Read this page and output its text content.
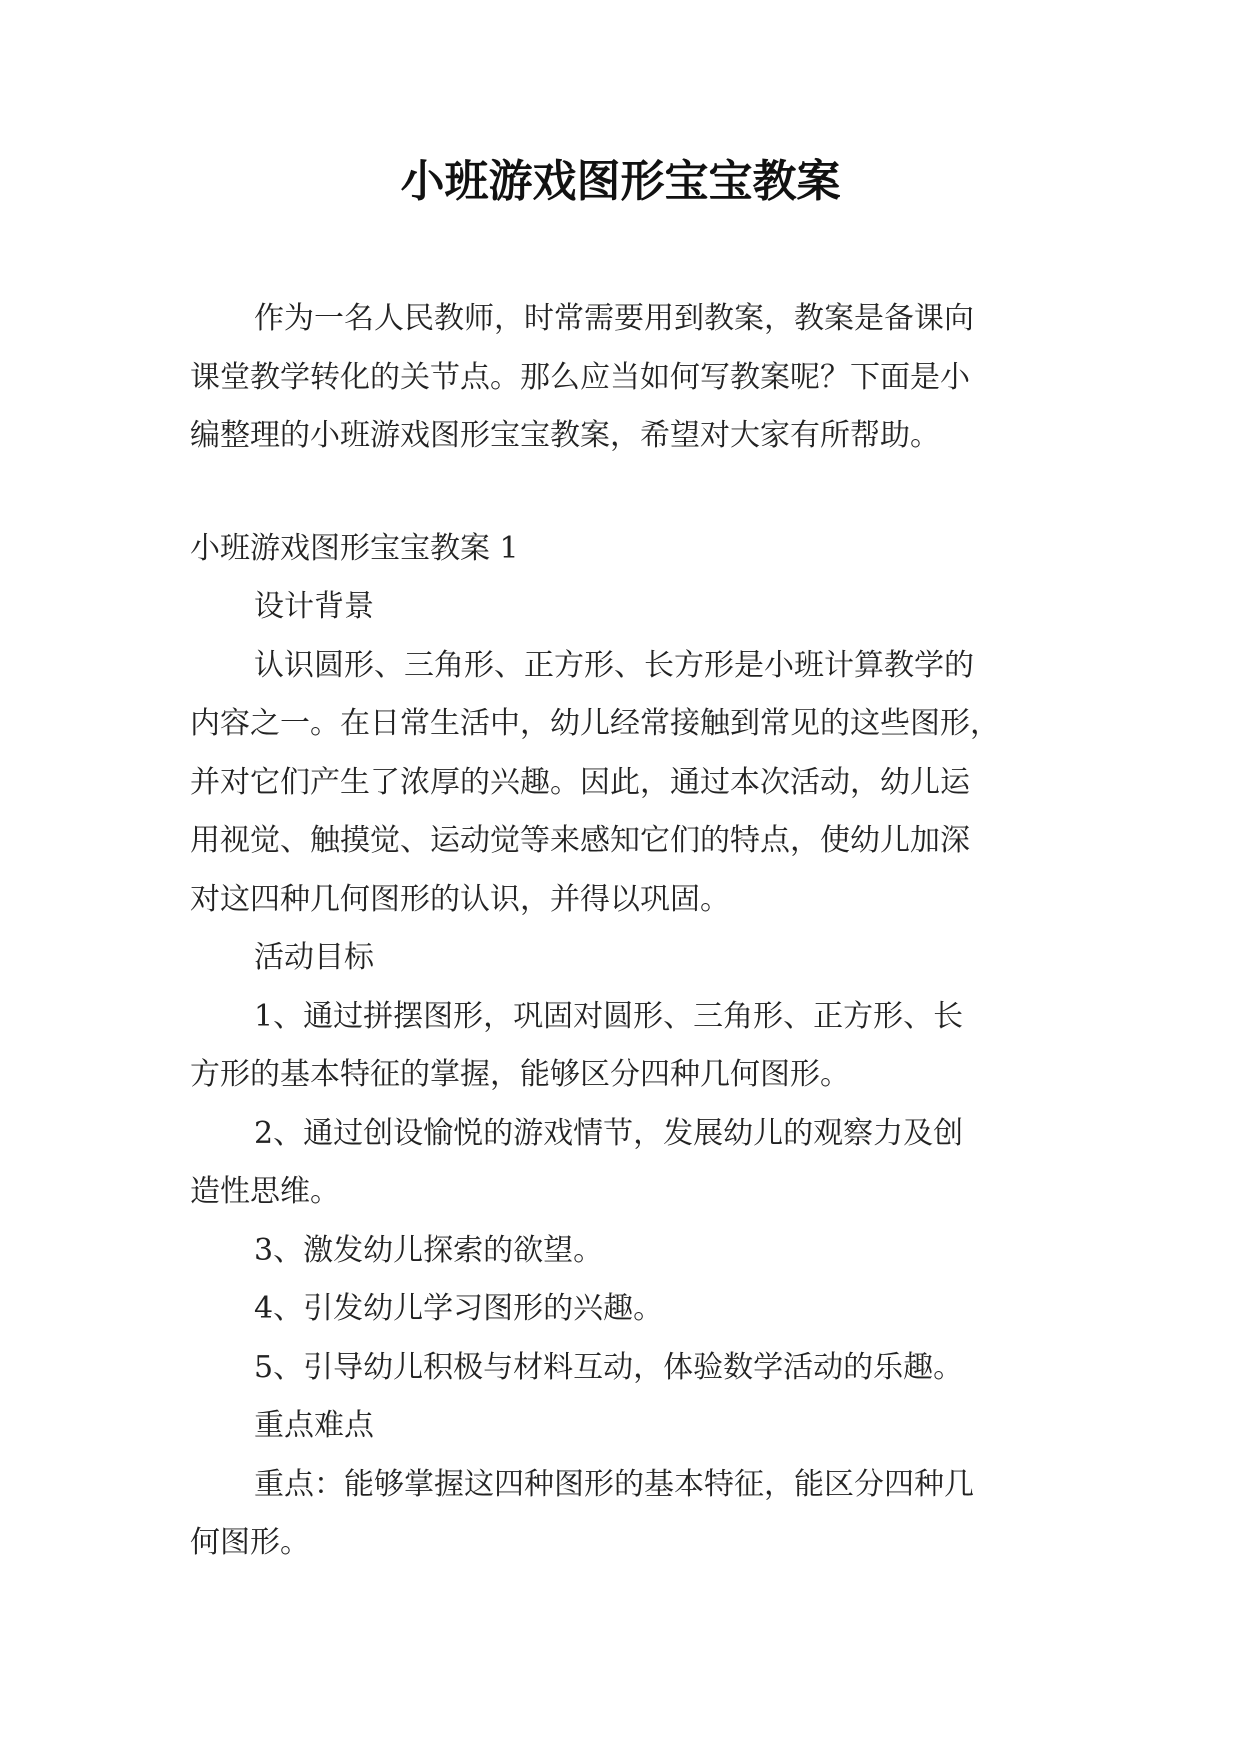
小班游戏图形宝宝教案
作为一名人民教师，时常需要用到教案，教案是备课向
课堂教学转化的关节点。那么应当如何写教案呢？下面是小
编整理的小班游戏图形宝宝教案，希望对大家有所帮助。
小班游戏图形宝宝教案 1
设计背景
认识圆形、三角形、正方形、长方形是小班计算教学的
内容之一。在日常生活中，幼儿经常接触到常见的这些图形，
并对它们产生了浓厚的兴趣。因此，通过本次活动，幼儿运
用视觉、触摸觉、运动觉等来感知它们的特点，使幼儿加深
对这四种几何图形的认识，并得以巩固。
活动目标
1、通过拼摆图形，巩固对圆形、三角形、正方形、长
方形的基本特征的掌握，能够区分四种几何图形。
2、通过创设愉悦的游戏情节，发展幼儿的观察力及创
造性思维。
3、激发幼儿探索的欲望。
4、引发幼儿学习图形的兴趣。
5、引导幼儿积极与材料互动，体验数学活动的乐趣。
重点难点
重点：能够掌握这四种图形的基本特征，能区分四种几
何图形。
